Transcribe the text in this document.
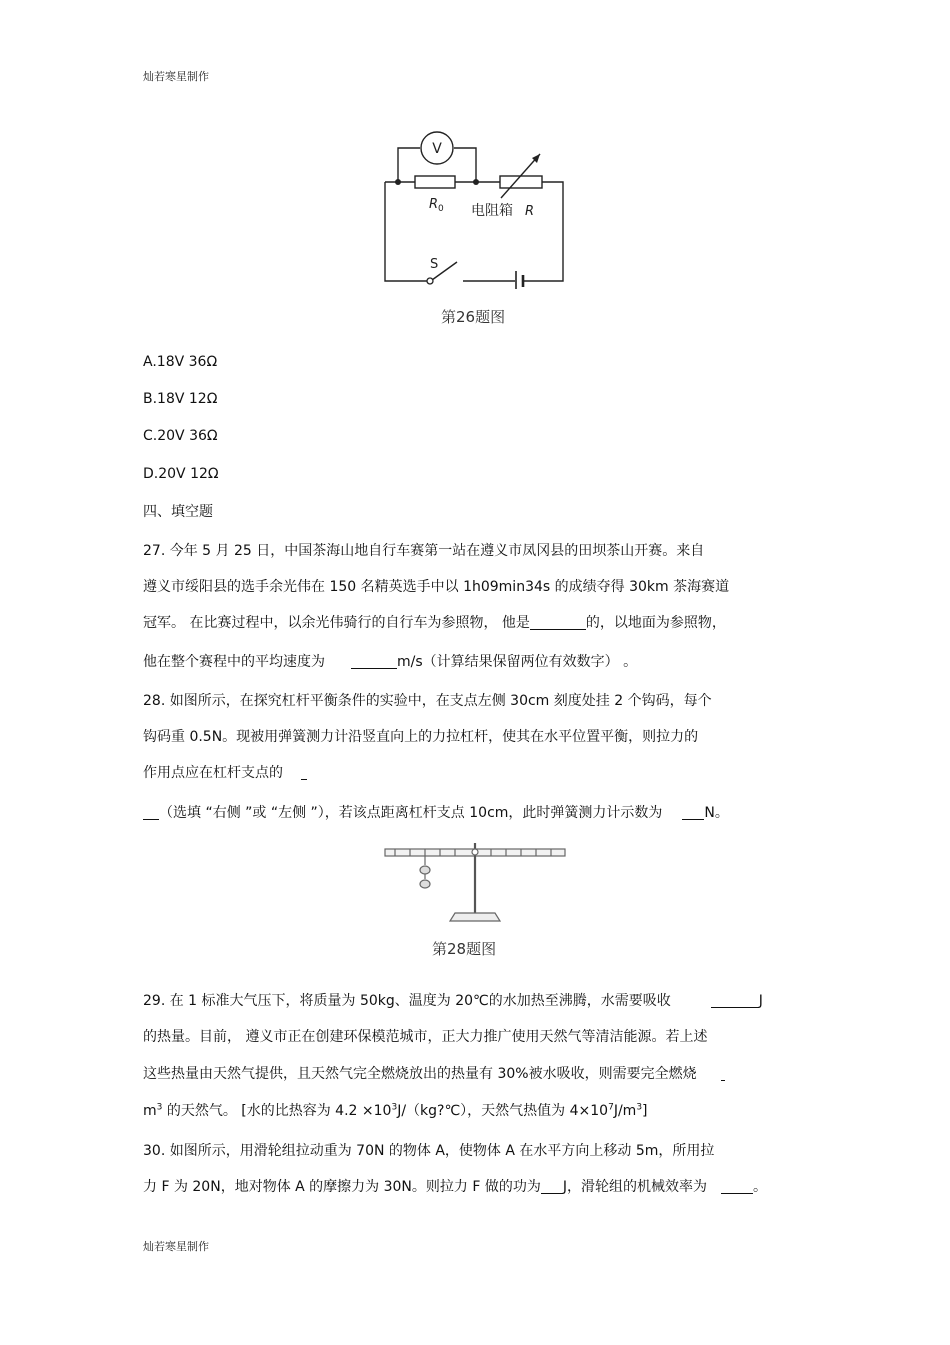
灿若寒星制作
V
R 0 电阻箱 R
S
第26题图
A.18V 36Ω
B.18V 12Ω
C.20V 36Ω
D.20V 12Ω
四、填空题
27. 今年 5 月 25 日，中国茶海山地自行车赛第一站在遵义市凤冈县的田坝茶山开赛。来自
遵义市绥阳县的选手余光伟在 150 名精英选手中以 1h09min34s 的成绩夺得 30km 茶海赛道
冠军。 在比赛过程中，以余光伟骑行的自行车为参照物， 他是	的，以地面为参照物，
他在整个赛程中的平均速度为	m/s（计算结果保留两位有效数字） 。
28. 如图所示，在探究杠杆平衡条件的实验中，在支点左侧 30cm 刻度处挂 2 个钩码，每个
钩码重 0.5N。现被用弹簧测力计沿竖直向上的力拉杠杆，使其在水平位置平衡，则拉力的
作用点应在杠杆支点的
（选填 “右侧 ”或 “左侧 ”），若该点距离杠杆支点 10cm，此时弹簧测力计示数为	N。
第28题图
29. 在 1 标准大气压下，将质量为 50kg、温度为 20℃的水加热至沸腾，水需要吸收	J
的热量。目前， 遵义市正在创建环保模范城市，正大力推广使用天然气等清洁能源。若上述
这些热量由天然气提供，且天然气完全燃烧放出的热量有 30%被水吸收，则需要完全燃烧
$m^3$ 的天然气。 [水的比热容为 $4.2 \times 10^3J/(kg?℃)$，天然气热值为 $4\times 10^7J/m^3$]
30. 如图所示，用滑轮组拉动重为 70N 的物体 A，使物体 A 在水平方向上移动 5m，所用拉
力 F 为 20N，地对物体 A 的摩擦力为 30N。则拉力 F 做的功为 J，滑轮组的机械效率为	。
灿若寒星制作
